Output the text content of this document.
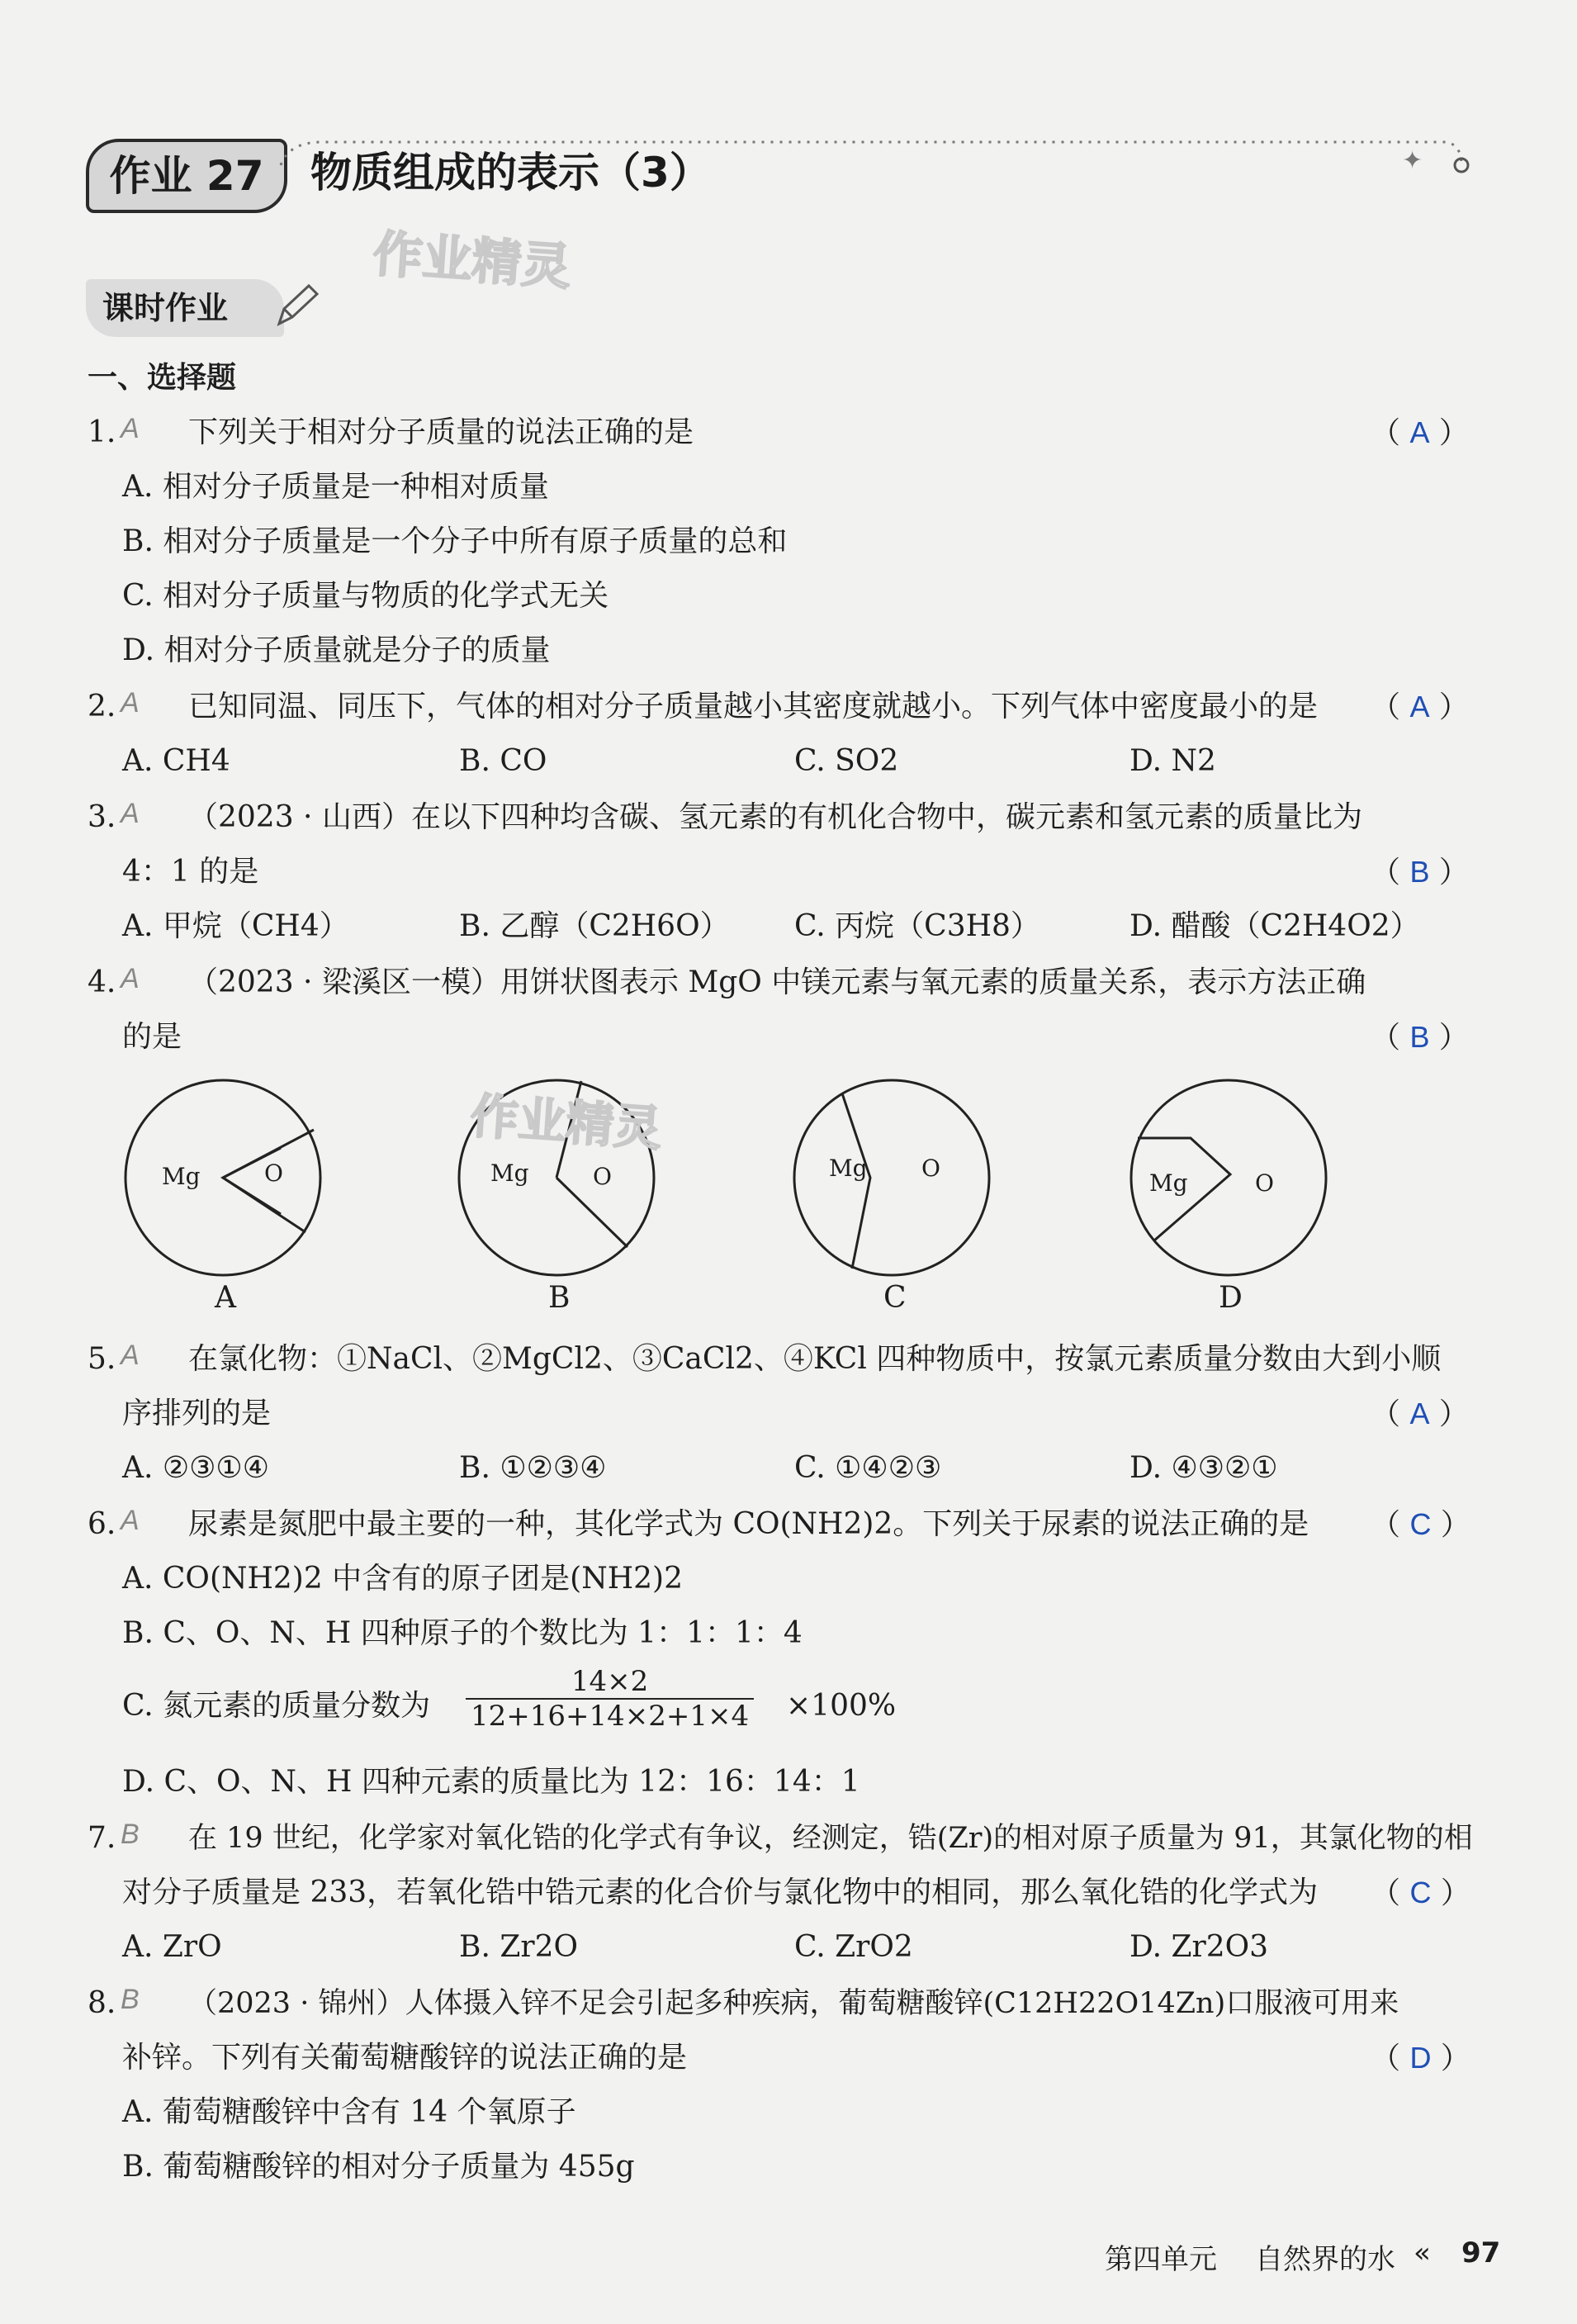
作业 27	物质组成的表示（3）	✦
作业精灵
课时作业
一、选择题
1. A 下列关于相对分子质量的说法正确的是	（ A ）
A. 相对分子质量是一种相对质量
B. 相对分子质量是一个分子中所有原子质量的总和
C. 相对分子质量与物质的化学式无关
D. 相对分子质量就是分子的质量
2. A 已知同温、同压下，气体的相对分子质量越小其密度就越小。下列气体中密度最小的是 （ A ）
A. CH4	B. CO	C. SO2	D. N2
3. A （2023 · 山西）在以下四种均含碳、氢元素的有机化合物中，碳元素和氢元素的质量比为
4：1 的是	（ B ）
A. 甲烷（CH4）	B. 乙醇（C2H6O） C. 丙烷（C3H8）	D. 醋酸（C2H4O2）
4. A （2023 · 梁溪区一模）用饼状图表示 MgO 中镁元素与氧元素的质量关系，表示方法正确
的是	（ B ）
Mg	O
A
Mg	O
B
作业精灵
Mg O
C
Mg	O
D
5. A 在氯化物：①NaCl、②MgCl2、③CaCl2、④KCl 四种物质中，按氯元素质量分数由大到小顺
序排列的是	（ A ）
A. ②③①④	B. ①②③④	C. ①④②③	D. ④③②①
6. A 尿素是氮肥中最主要的一种，其化学式为 CO(NH2)2。下列关于尿素的说法正确的是 （ C ）
A. CO(NH2)2 中含有的原子团是(NH2)2
B. C、O、N、H 四种原子的个数比为 1：1：1：4
C. 氮元素的质量分数为 $\frac{14\times 2}{12+16+14\times 2+1\times 4} \times 100\%$
D. C、O、N、H 四种元素的质量比为 12：16：14：1
7. B 在 19 世纪，化学家对氧化锆的化学式有争议，经测定，锆(Zr)的相对原子质量为 91，其氯化物的相
对分子质量是 233，若氧化锆中锆元素的化合价与氯化物中的相同，那么氧化锆的化学式为 （ C ）
A. ZrO	B. Zr2O	C. ZrO2	D. Zr2O3
8. B （2023 · 锦州）人体摄入锌不足会引起多种疾病，葡萄糖酸锌(C12H22O14Zn)口服液可用来
补锌。下列有关葡萄糖酸锌的说法正确的是	（ D ）
A. 葡萄糖酸锌中含有 14 个氧原子
B. 葡萄糖酸锌的相对分子质量为 455g
第四单元 自然界的水 « 97
